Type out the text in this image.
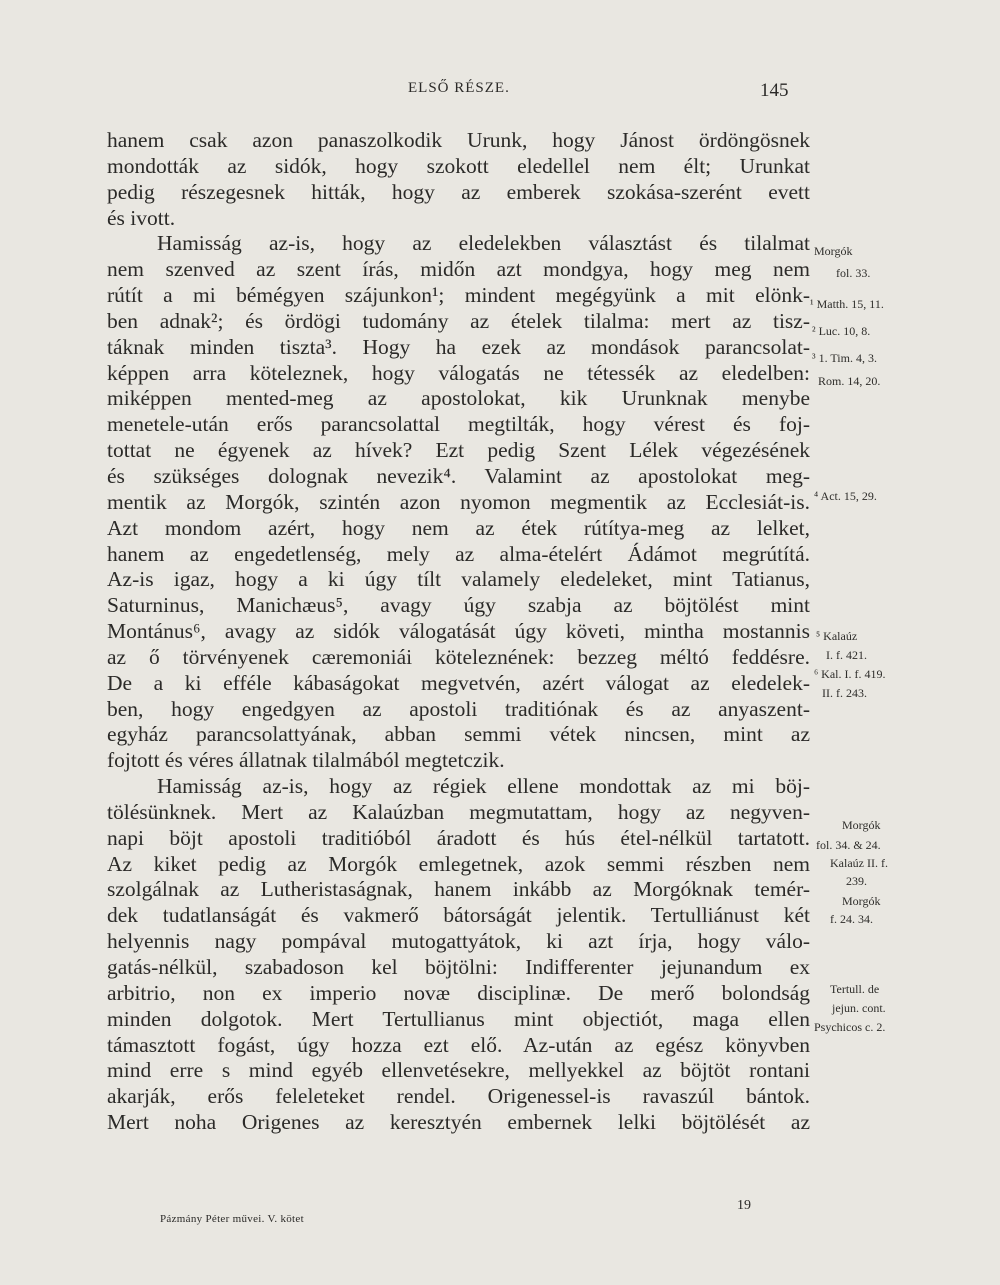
ELSŐ RÉSZE.	145
hanem csak azon panaszolkodik Urunk, hogy Jánost ördöngösnek
mondották az sidók, hogy szokott eledellel nem élt; Urunkat
pedig részegesnek hitták, hogy az emberek szokása-szerént evett
és ivott.
Hamisság az-is, hogy az eledelekben választást és tilalmat
nem szenved az szent írás, midőn azt mondgya, hogy meg nem
rútít a mi bémégyen szájunkon¹; mindent megégyünk a mit elönk-
ben adnak²; és ördögi tudomány az ételek tilalma: mert az tisz-
táknak minden tiszta³. Hogy ha ezek az mondások parancsolat-
képpen arra köteleznek, hogy válogatás ne tétessék az eledelben:
miképpen mented-meg az apostolokat, kik Urunknak menybe
menetele-után erős parancsolattal megtilták, hogy vérest és foj-
tottat ne égyenek az hívek? Ezt pedig Szent Lélek végezésének
és szükséges dolognak nevezik⁴. Valamint az apostolokat meg-
mentik az Morgók, szintén azon nyomon megmentik az Ecclesiát-is.
Azt mondom azért, hogy nem az étek rútítya-meg az lelket,
hanem az engedetlenség, mely az alma-ételért Ádámot megrútítá.
Az-is igaz, hogy a ki úgy tílt valamely eledeleket, mint Tatianus,
Saturninus, Manichæus⁵, avagy úgy szabja az böjtölést mint
Montánus⁶, avagy az sidók válogatását úgy követi, mintha mostannis
az ő törvényenek cæremoniái köteleznének: bezzeg méltó feddésre.
De a ki efféle kábaságokat megvetvén, azért válogat az eledelek-
ben, hogy engedgyen az apostoli traditiónak és az anyaszent-
egyház parancsolattyának, abban semmi vétek nincsen, mint az
fojtott és véres állatnak tilalmából megtetczik.
Hamisság az-is, hogy az régiek ellene mondottak az mi böj-
tölésünknek. Mert az Kalaúzban megmutattam, hogy az negyven-
napi böjt apostoli traditióból áradott és hús étel-nélkül tartatott.
Az kiket pedig az Morgók emlegetnek, azok semmi részben nem
szolgálnak az Lutheristaságnak, hanem inkább az Morgóknak temér-
dek tudatlanságát és vakmerő bátorságát jelentik. Tertulliánust két
helyennis nagy pompával mutogattyátok, ki azt írja, hogy válo-
gatás-nélkül, szabadoson kel böjtölni: Indifferenter jejunandum ex
arbitrio, non ex imperio novæ disciplinæ. De merő bolondság
minden dolgotok. Mert Tertullianus mint objectiót, maga ellen
támasztott fogást, úgy hozza ezt elő. Az-után az egész könyvben
mind erre s mind egyéb ellenvetésekre, mellyekkel az böjtöt rontani
akarják, erős feleleteket rendel. Origenessel-is ravaszúl bántok.
Mert noha Origenes az keresztyén embernek lelki böjtölését az
Morgók
fol. 33.
¹ Matth. 15, 11.
² Luc. 10, 8.
³ 1. Tim. 4, 3.
Rom. 14, 20.
⁴ Act. 15, 29.
⁵ Kalaúz
I. f. 421.
⁶ Kal. I. f. 419.
II. f. 243.
Morgók
fol. 34. & 24.
Kalaúz II. f.
239.
Morgók
f. 24. 34.
Tertull. de
jejun. cont.
Psychicos c. 2.
19
Pázmány Péter művei. V. kötet
